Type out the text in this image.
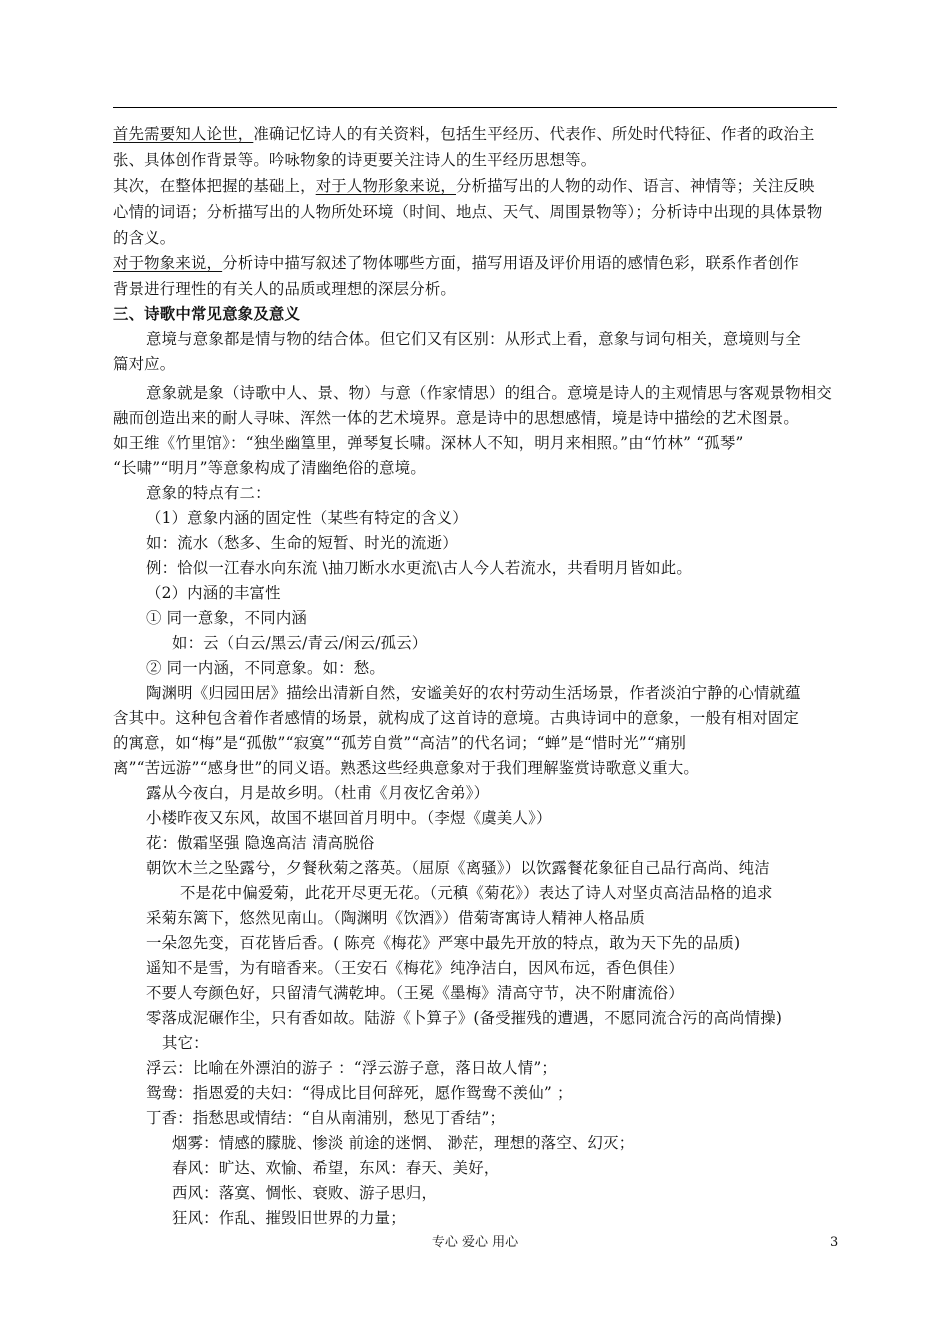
首先需要知人论世，准确记忆诗人的有关资料，包括生平经历、代表作、所处时代特征、作者的政治主
张、具体创作背景等。吟咏物象的诗更要关注诗人的生平经历思想等。
其次，在整体把握的基础上，对于人物形象来说，分析描写出的人物的动作、语言、神情等；关注反映
心情的词语；分析描写出的人物所处环境（时间、地点、天气、周围景物等）；分析诗中出现的具体景物
的含义。
对于物象来说，分析诗中描写叙述了物体哪些方面，描写用语及评价用语的感情色彩，联系作者创作
背景进行理性的有关人的品质或理想的深层分析。
三、诗歌中常见意象及意义
意境与意象都是情与物的结合体。但它们又有区别：从形式上看，意象与词句相关，意境则与全
篇对应。
意象就是象（诗歌中人、景、物）与意（作家情思）的组合。意境是诗人的主观情思与客观景物相交
融而创造出来的耐人寻味、浑然一体的艺术境界。意是诗中的思想感情，境是诗中描绘的艺术图景。
如王维《竹里馆》：“独坐幽篁里，弹琴复长啸。深林人不知，明月来相照。”由“竹林” “孤琴”
“长啸”“明月”等意象构成了清幽绝俗的意境。
意象的特点有二：
（1）意象内涵的固定性（某些有特定的含义）
如：流水（愁多、生命的短暂、时光的流逝）
例：恰似一江春水向东流 \抽刀断水水更流\古人今人若流水，共看明月皆如此。
（2）内涵的丰富性
① 同一意象，不同内涵
如：云（白云/黑云/青云/闲云/孤云）
② 同一内涵，不同意象。如：愁。
陶渊明《归园田居》描绘出清新自然，安谧美好的农村劳动生活场景，作者淡泊宁静的心情就蕴
含其中。这种包含着作者感情的场景，就构成了这首诗的意境。古典诗词中的意象，一般有相对固定
的寓意，如“梅”是“孤傲”“寂寞”“孤芳自赏”“高洁”的代名词；“蝉”是“惜时光”“痛别
离”“苦远游”“感身世”的同义语。熟悉这些经典意象对于我们理解鉴赏诗歌意义重大。
露从今夜白，月是故乡明。（杜甫《月夜忆舍弟》）
小楼昨夜又东风，故国不堪回首月明中。（李煜《虞美人》）
花：傲霜坚强 隐逸高洁 清高脱俗
朝饮木兰之坠露兮，夕餐秋菊之落英。（屈原《离骚》）以饮露餐花象征自己品行高尚、纯洁
不是花中偏爱菊，此花开尽更无花。（元稹《菊花》）表达了诗人对坚贞高洁品格的追求
采菊东篱下，悠然见南山。（陶渊明《饮酒》）借菊寄寓诗人精神人格品质
一朵忽先变，百花皆后香。( 陈亮《梅花》严寒中最先开放的特点，敢为天下先的品质)
遥知不是雪，为有暗香来。（王安石《梅花》纯净洁白，因风布远，香色俱佳）
不要人夸颜色好，只留清气满乾坤。（王冕《墨梅》清高守节，决不附庸流俗）
零落成泥碾作尘，只有香如故。陆游《卜算子》(备受摧残的遭遇，不愿同流合污的高尚情操)
其它：
浮云：比喻在外漂泊的游子 ：“浮云游子意，落日故人情”；
鸳鸯：指恩爱的夫妇：“得成比目何辞死，愿作鸳鸯不羡仙” ；
丁香：指愁思或情结：“自从南浦别，愁见丁香结”；
烟雾：情感的朦胧、惨淡 前途的迷惘、 渺茫，理想的落空、幻灭；
春风：旷达、欢愉、希望，东风：春天、美好，
西风：落寞、惆怅、衰败、游子思归，
狂风：作乱、摧毁旧世界的力量；
专心 爱心 用心	3
